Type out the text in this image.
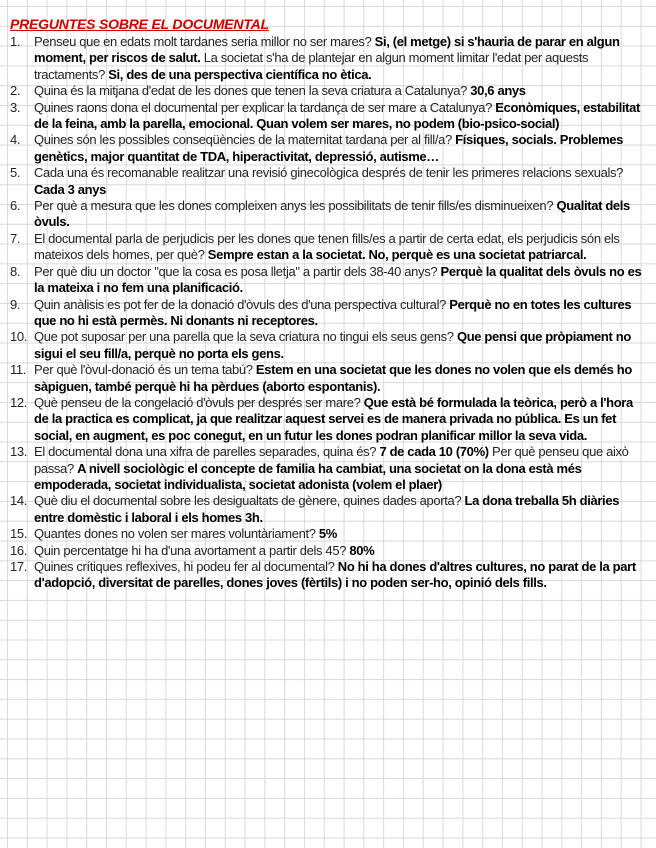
PREGUNTES SOBRE EL DOCUMENTAL
1.	Penseu que en edats molt tardanes seria millor no ser mares? Si, (el metge) si s'hauria de parar en algun moment, per riscos de salut. La societat s'ha de plantejar en algun moment limitar l'edat per aquests tractaments? Si, des de una perspectiva científica no ètica.
2.	Quina és la mitjana d'edat de les dones que tenen la seva criatura a Catalunya? 30,6 anys
3.	Quines raons dona el documental per explicar la tardança de ser mare a Catalunya? Econòmiques, estabilitat de la feina, amb la parella, emocional. Quan volem ser mares, no podem (bio-psico-social)
4.	Quines són les possibles conseqüències de la maternitat tardana per al fill/a? Físiques, socials. Problemes genètics, major quantitat de TDA, hiperactivitat, depressió, autisme…
5.	Cada una és recomanable realitzar una revisió ginecològica després de tenir les primeres relacions sexuals? Cada 3 anys
6.	Per què a mesura que les dones compleixen anys les possibilitats de tenir fills/es disminueixen? Qualitat dels òvuls.
7.	El documental parla de perjudicis per les dones que tenen fills/es a partir de certa edat, els perjudicis són els mateixos dels homes, per què? Sempre estan a la societat. No, perquè es una societat patriarcal.
8.	Per què diu un doctor "que la cosa es posa lletja" a partir dels 38-40 anys? Perquè la qualitat dels òvuls no es la mateixa i no fem una planificació.
9.	Quin anàlisis es pot fer de la donació d'òvuls des d'una perspectiva cultural? Perquè no en totes les cultures que no hi està permès. Ni donants ni receptores.
10. Que pot suposar per una parella que la seva criatura no tingui els seus gens? Que pensi que pròpiament no sigui el seu fill/a, perquè no porta els gens.
11. Per què l'òvul-donació és un tema tabú? Estem en una societat que les dones no volen que els demés ho sàpiguen, també perquè hi ha pèrdues (aborto espontanis).
12. Què penseu de la congelació d'òvuls per després ser mare? Que està bé formulada la teòrica, però a l'hora de la practica es complicat, ja que realitzar aquest servei es de manera privada no pública. Es un fet social, en augment, es poc conegut, en un futur les dones podran planificar millor la seva vida.
13. El documental dona una xifra de parelles separades, quina és? 7 de cada 10 (70%) Per què penseu que això passa? A nivell sociològic el concepte de familia ha cambiat, una societat on la dona està més empoderada, societat individualista, societat adonista (volem el plaer)
14. Què diu el documental sobre les desigualtats de gènere, quines dades aporta? La dona treballa 5h diàries entre domèstic i laboral i els homes 3h.
15. Quantes dones no volen ser mares voluntàriament? 5%
16. Quin percentatge hi ha d'una avortament a partir dels 45? 80%
17. Quines crítiques reflexives, hi podeu fer al documental? No hi ha dones d'altres cultures, no parat de la part d'adopció, diversitat de parelles, dones joves (fèrtils) i no poden ser-ho, opinió dels fills.
